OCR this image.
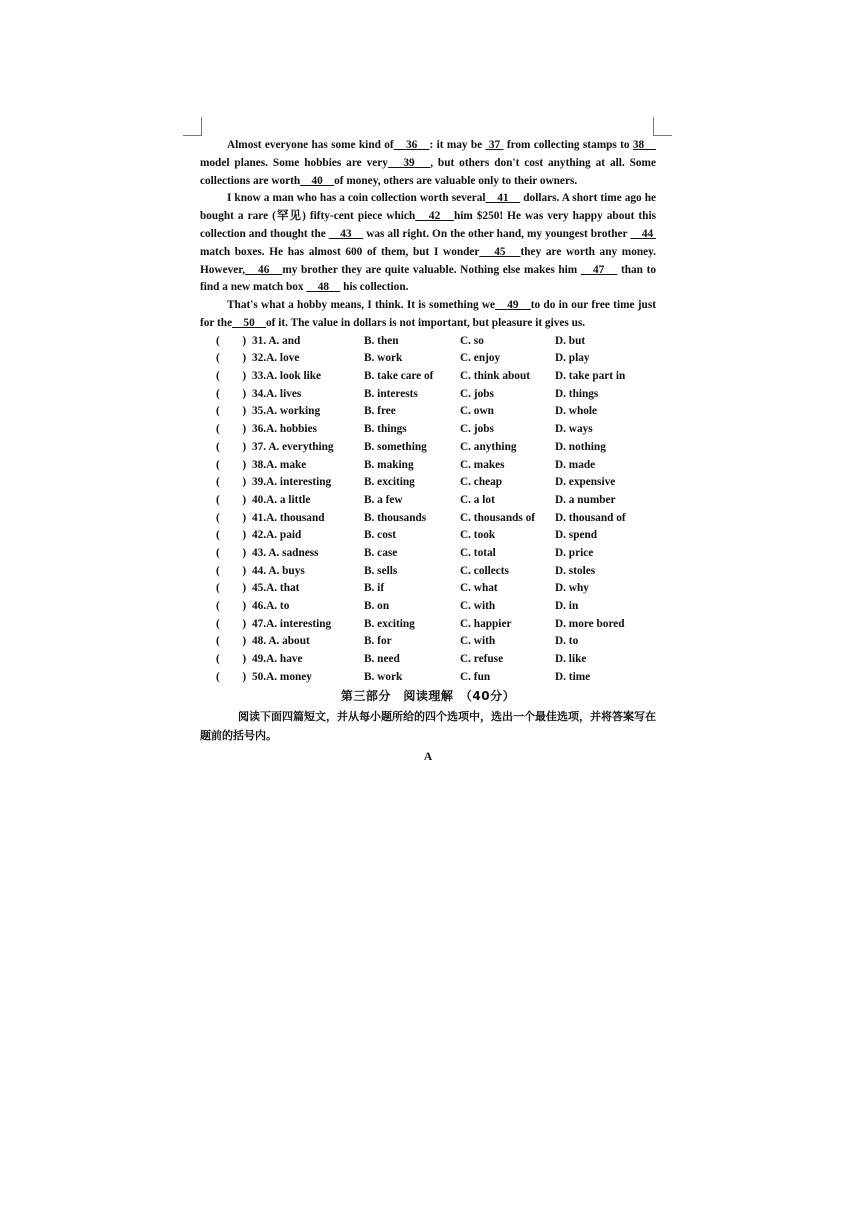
Almost everyone has some kind of　 36　 : it may be 37 from collecting stamps to 38　model planes. Some hobbies are very　 39　 , but others don't cost anything at all. Some collections are worth　 40　 of money, others are valuable only to their owners.

I know a man who has a coin collection worth several　 41　 dollars. A short time ago he bought a rare (罕见) fifty-cent piece which　 42　 him $250! He was very happy about this collection and thought the 　 43　 was all right. On the other hand, my youngest brother 　 44  match boxes. He has almost 600 of them, but I wonder　 45　 they are worth any money. However,　 46　 my brother they are quite valuable. Nothing else makes him 　 47　 than to find a new match box 　 48　 his collection.

That's what a hobby means, I think. It is something we　 49　 to do in our free time just for the　 50　 of it. The value in dollars is not important, but pleasure it gives us.

(　　) 31. A. and	B. then	C. so	D. but
(　　) 32.A. love	B. work	C. enjoy	D. play
(　　) 33.A. look like	B. take care of	C. think about	D. take part in
(　　) 34.A. lives	B. interests	C. jobs	D. things
(　　) 35.A. working	B. free	C. own	D. whole
(　　) 36.A. hobbies	B. things	C. jobs	D. ways
(　　) 37. A. everything	B. something	C. anything	D. nothing
(　　) 38.A. make	B. making	C. makes	D. made
(　　) 39.A. interesting	B. exciting	C. cheap	D. expensive
(　　) 40.A. a little	B. a few	C. a lot	D. a number
(　　) 41.A. thousand	B. thousands	C. thousands of	D. thousand of
(　　) 42.A. paid	B. cost	C. took	D. spend
(　　) 43. A. sadness	B. case	C. total	D. price
(　　) 44. A. buys	B. sells	C. collects	D. stoles
(　　) 45.A. that	B. if	C. what	D. why
(　　) 46.A. to	B. on	C. with	D. in
(　　) 47.A. interesting	B. exciting	C. happier	D. more bored
(　　) 48. A. about	B. for	C. with	D. to
(　　) 49.A. have	B. need	C. refuse	D. like
(　　) 50.A. money	B. work	C. fun	D. time
第三部分　阅读理解　（40分）
阅读下面四篇短文，并从每小题所给的四个选项中，选出一个最佳选项，并将答案写在题前的括号内。
A
